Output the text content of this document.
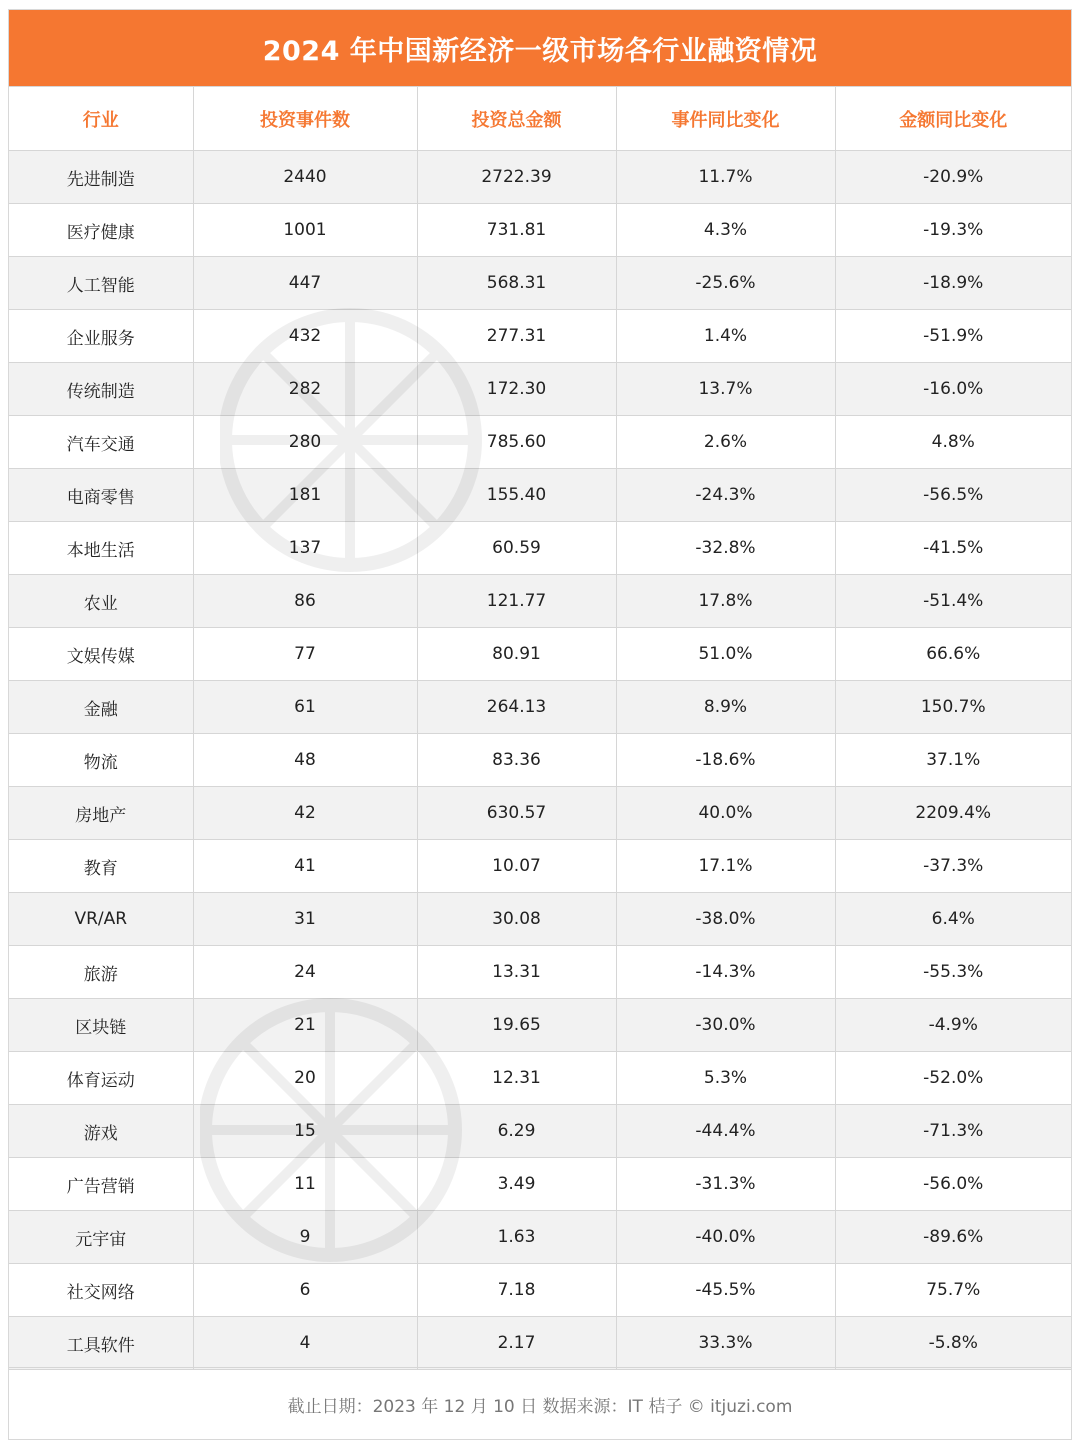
2024 年中国新经济一级市场各行业融资情况
行业	投资事件数	投资总金额	事件同比变化	金额同比变化
先进制造	2440	2722.39	11.7%	-20.9%
医疗健康	1001	731.81	4.3%	-19.3%
人工智能	447	568.31	-25.6%	-18.9%
企业服务	432	277.31	1.4%	-51.9%
传统制造	282	172.30	13.7%	-16.0%
汽车交通	280	785.60	2.6%	4.8%
电商零售	181	155.40	-24.3%	-56.5%
本地生活	137	60.59	-32.8%	-41.5%
农业	86	121.77	17.8%	-51.4%
文娱传媒	77	80.91	51.0%	66.6%
金融	61	264.13	8.9%	150.7%
物流	48	83.36	-18.6%	37.1%
房地产	42	630.57	40.0%	2209.4%
教育	41	10.07	17.1%	-37.3%
VR/AR	31	30.08	-38.0%	6.4%
旅游	24	13.31	-14.3%	-55.3%
区块链	21	19.65	-30.0%	-4.9%
体育运动	20	12.31	5.3%	-52.0%
游戏	15	6.29	-44.4%	-71.3%
广告营销	11	3.49	-31.3%	-56.0%
元宇宙	9	1.63	-40.0%	-89.6%
社交网络	6	7.18	-45.5%	75.7%
工具软件	4	2.17	33.3%	-5.8%
截止日期：2023 年 12 月 10 日 数据来源：IT 桔子 © itjuzi.com
